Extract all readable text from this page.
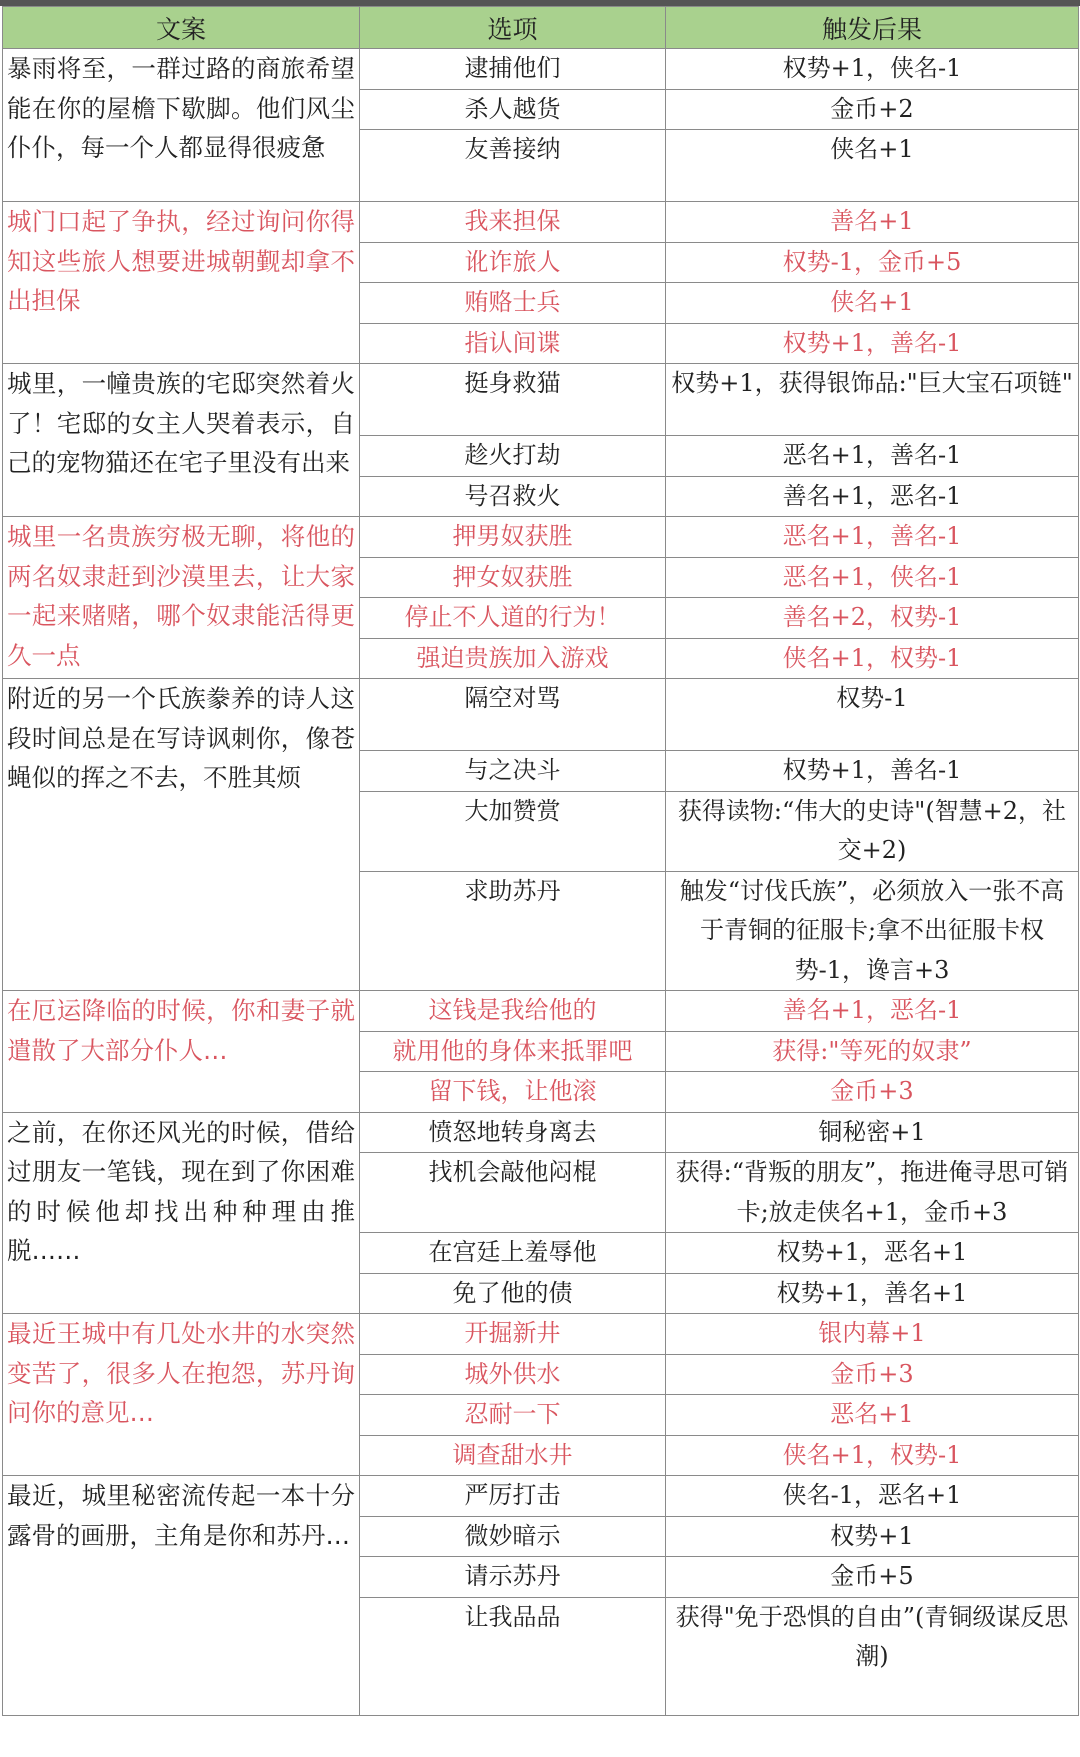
文案	选项	触发后果
暴雨将至，一群过路的商旅希望能在你的屋檐下歇脚。他们风尘仆仆，每一个人都显得很疲惫	逮捕他们	权势+1，侠名-1
	杀人越货	金币+2
	友善接纳	侠名+1
城门口起了争执，经过询问你得知这些旅人想要进城朝觐却拿不出担保	我来担保	善名+1
	讹诈旅人	权势-1，金币+5
	贿赂士兵	侠名+1
	指认间谍	权势+1，善名-1
城里，一幢贵族的宅邸突然着火了！宅邸的女主人哭着表示，自己的宠物猫还在宅子里没有出来	挺身救猫	权势+1，获得银饰品:"巨大宝石项链"
	趁火打劫	恶名+1，善名-1
	号召救火	善名+1，恶名-1
城里一名贵族穷极无聊，将他的两名奴隶赶到沙漠里去，让大家一起来赌赌，哪个奴隶能活得更久一点	押男奴获胜	恶名+1，善名-1
	押女奴获胜	恶名+1，侠名-1
	停止不人道的行为！	善名+2，权势-1
	强迫贵族加入游戏	侠名+1，权势-1
附近的另一个氏族豢养的诗人这段时间总是在写诗讽刺你，像苍蝇似的挥之不去，不胜其烦	隔空对骂	权势-1
	与之决斗	权势+1，善名-1
	大加赞赏	获得读物:“伟大的史诗"(智慧+2，社交+2)
	求助苏丹	触发“讨伐氏族”，必须放入一张不高于青铜的征服卡;拿不出征服卡权势-1，谗言+3
在厄运降临的时候，你和妻子就遣散了大部分仆人…	这钱是我给他的	善名+1，恶名-1
	就用他的身体来抵罪吧	获得:"等死的奴隶”
	留下钱，让他滚	金币+3
之前，在你还风光的时候，借给过朋友一笔钱，现在到了你困难的时候他却找出种种理由推脱……	愤怒地转身离去	铜秘密+1
	找机会敲他闷棍	获得:“背叛的朋友”，拖进俺寻思可销卡;放走侠名+1，金币+3
	在宫廷上羞辱他	权势+1，恶名+1
	免了他的债	权势+1，善名+1
最近王城中有几处水井的水突然变苦了，很多人在抱怨，苏丹询问你的意见…	开掘新井	银内幕+1
	城外供水	金币+3
	忍耐一下	恶名+1
	调查甜水井	侠名+1，权势-1
最近，城里秘密流传起一本十分露骨的画册，主角是你和苏丹…	严厉打击	侠名-1，恶名+1
	微妙暗示	权势+1
	请示苏丹	金币+5
	让我品品	获得"免于恐惧的自由”(青铜级谋反思潮)
